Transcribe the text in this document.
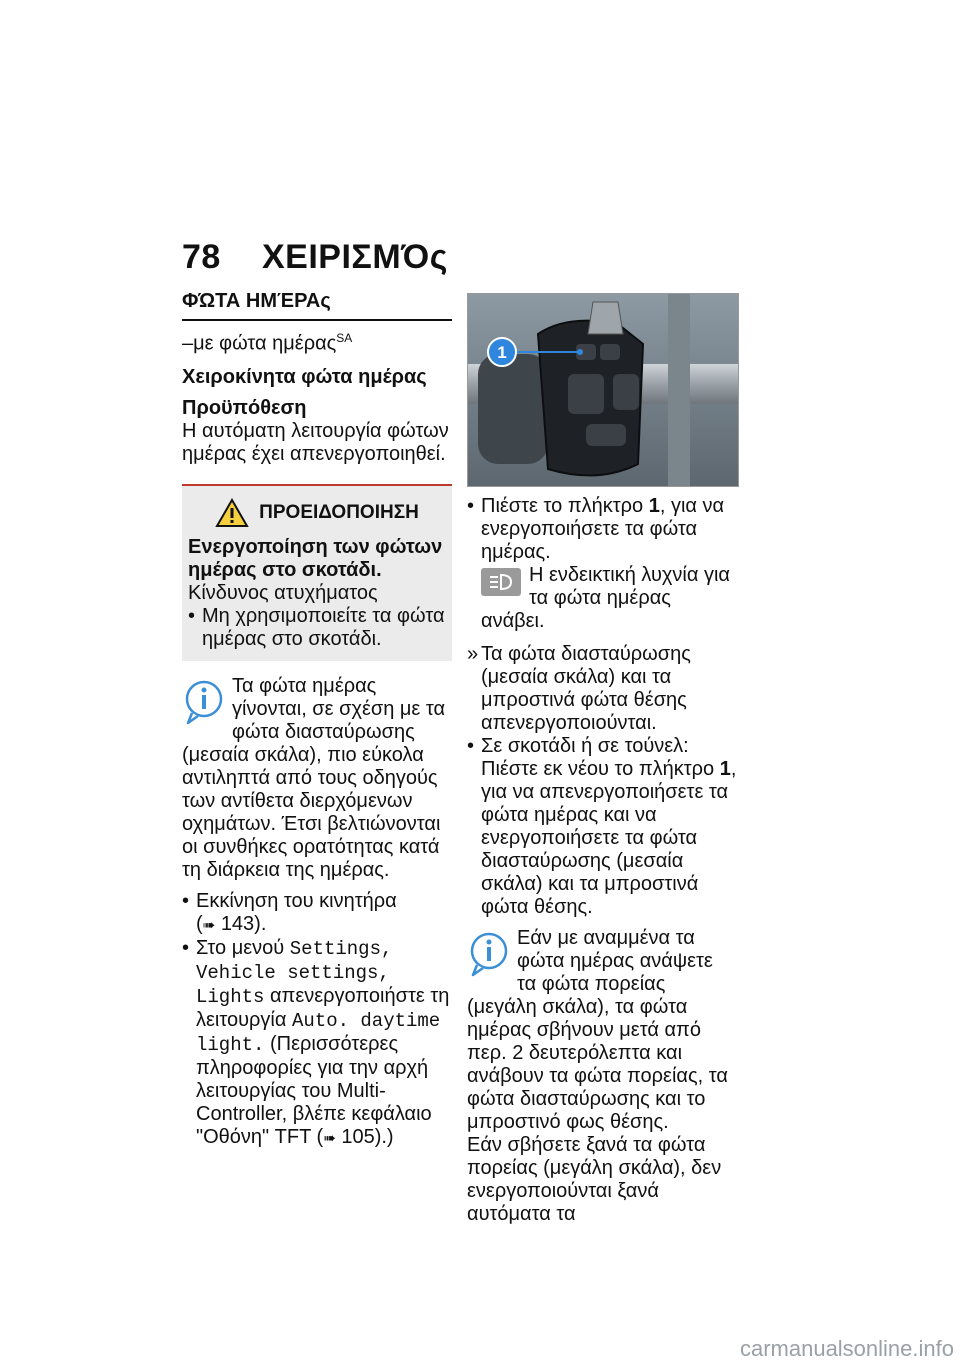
78 ΧΕΙΡΙΣΜΌς
ΦΏΤΑ ΗΜΈΡΑς
–με φώτα ημέρας$^{SA}$
Χειροκίνητα φώτα ημέρας
Προϋπόθεση
Η αυτόματη λειτουργία φώτων ημέρας έχει απενεργοποιηθεί.
ΠΡΟΕΙΔΟΠΟΙΗΣΗ
Ενεργοποίηση των φώτων ημέρας στο σκοτάδι.
Κίνδυνος ατυχήματος
• Μη χρησιμοποιείτε τα φώτα ημέρας στο σκοτάδι.
Τα φώτα ημέρας γίνονται, σε σχέση με τα φώτα διασταύρωσης (μεσαία σκάλα), πιο εύκολα αντιληπτά από τους οδηγούς των αντίθετα διερχόμενων οχημάτων. Έτσι βελτιώνονται οι συνθήκες ορατότητας κατά τη διάρκεια της ημέρας.
• Εκκίνηση του κινητήρα
(➠ 143).
• Στο μενού Settings, Vehicle settings, Lights απενεργοποιήστε τη λειτουργία Auto. daytime light. (Περισσότερες πληροφορίες για την αρχή λειτουργίας του Multi-Controller, βλέπε κεφάλαιο "Οθόνη" TFT (➠ 105).)
1
• Πιέστε το πλήκτρο 1, για να ενεργοποιήσετε τα φώτα ημέρας.
Η ενδεικτική λυχνία για τα φώτα ημέρας ανάβει.
» Τα φώτα διασταύρωσης (μεσαία σκάλα) και τα μπροστινά φώτα θέσης απενεργοποιούνται.
• Σε σκοτάδι ή σε τούνελ: Πιέστε εκ νέου το πλήκτρο 1, για να απενεργοποιήσετε τα φώτα ημέρας και να ενεργοποιήσετε τα φώτα διασταύρωσης (μεσαία σκάλα) και τα μπροστινά φώτα θέσης.
Εάν με αναμμένα τα φώτα ημέρας ανάψετε τα φώτα πορείας (μεγάλη σκάλα), τα φώτα ημέρας σβήνουν μετά από περ. 2 δευτερόλεπτα και ανάβουν τα φώτα πορείας, τα φώτα διασταύρωσης και το μπροστινό φως θέσης.
Εάν σβήσετε ξανά τα φώτα πορείας (μεγάλη σκάλα), δεν ενεργοποιούνται ξανά αυτόματα τα
carmanualsonline.info
